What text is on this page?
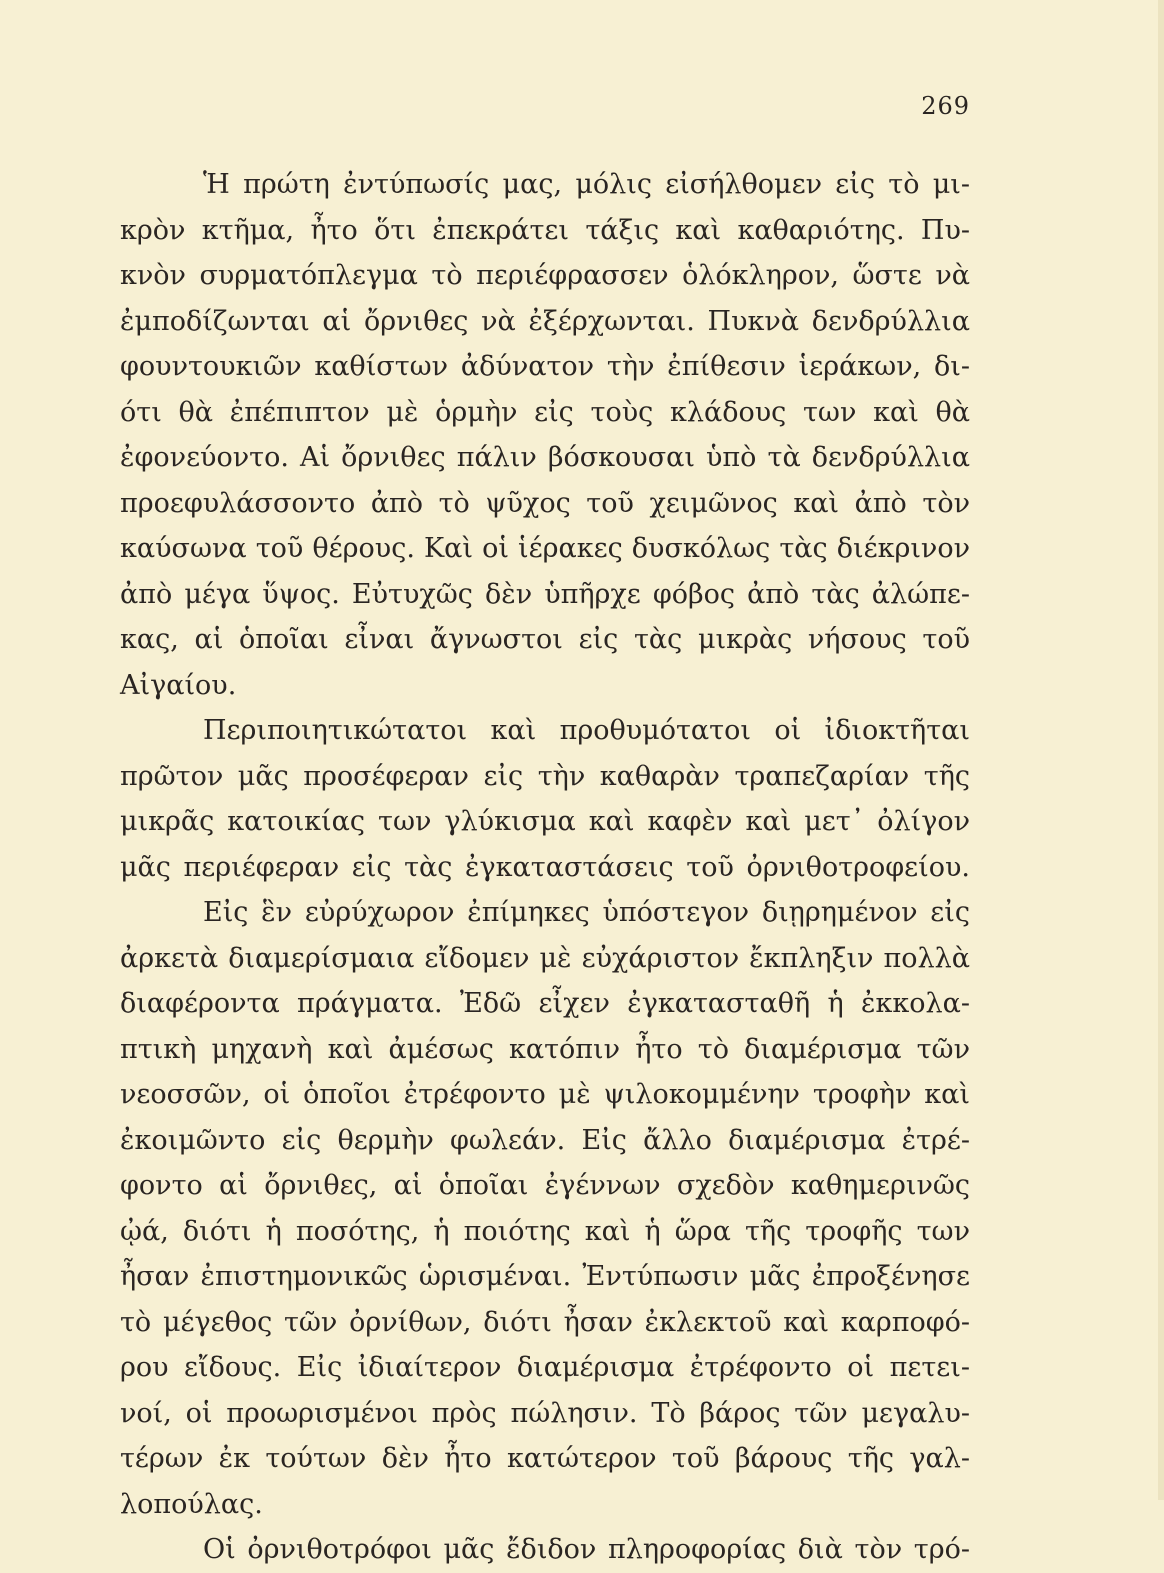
269
Ἡ πρώτη ἐντύπωσίς μας, μόλις εἰσήλθομεν εἰς τὸ μι-
κρὸν κτῆμα, ἦτο ὅτι ἐπεκράτει τάξις καὶ καθαριότης. Πυ-
κνὸν συρματόπλεγμα τὸ περιέφρασσεν ὁλόκληρον, ὥστε νὰ
ἐμποδίζωνται αἱ ὄρνιθες νὰ ἐξέρχωνται. Πυκνὰ δενδρύλλια
φουντουκιῶν καθίστων ἀδύνατον τὴν ἐπίθεσιν ἱεράκων, δι-
ότι θὰ ἐπέπιπτον μὲ ὁρμὴν εἰς τοὺς κλάδους των καὶ θὰ
ἐφονεύοντο. Αἱ ὄρνιθες πάλιν βόσκουσαι ὑπὸ τὰ δενδρύλλια
προεφυλάσσοντο ἀπὸ τὸ ψῦχος τοῦ χειμῶνος καὶ ἀπὸ τὸν
καύσωνα τοῦ θέρους. Καὶ οἱ ἱέρακες δυσκόλως τὰς διέκρινον
ἀπὸ μέγα ὕψος. Εὐτυχῶς δὲν ὑπῆρχε φόβος ἀπὸ τὰς ἀλώπε-
κας, αἱ ὁποῖαι εἶναι ἄγνωστοι εἰς τὰς μικρὰς νήσους τοῦ
Αἰγαίου.
Περιποιητικώτατοι καὶ προθυμότατοι οἱ ἰδιοκτῆται
πρῶτον μᾶς προσέφεραν εἰς τὴν καθαρὰν τραπεζαρίαν τῆς
μικρᾶς κατοικίας των γλύκισμα καὶ καφὲν καὶ μετ᾽ ὀλίγον
μᾶς περιέφεραν εἰς τὰς ἐγκαταστάσεις τοῦ ὀρνιθοτροφείου.
Εἰς ἓν εὐρύχωρον ἐπίμηκες ὑπόστεγον διῃρημένον εἰς
ἀρκετὰ διαμερίσμαια εἴδομεν μὲ εὐχάριστον ἔκπληξιν πολλὰ
διαφέροντα πράγματα. Ἐδῶ εἶχεν ἐγκατασταθῆ ἡ ἐκκολα-
πτικὴ μηχανὴ καὶ ἀμέσως κατόπιν ἦτο τὸ διαμέρισμα τῶν
νεοσσῶν, οἱ ὁποῖοι ἐτρέφοντο μὲ ψιλοκομμένην τροφὴν καὶ
ἐκοιμῶντο εἰς θερμὴν φωλεάν. Εἰς ἄλλο διαμέρισμα ἐτρέ-
φοντο αἱ ὄρνιθες, αἱ ὁποῖαι ἐγέννων σχεδὸν καθημερινῶς
ᾠά, διότι ἡ ποσότης, ἡ ποιότης καὶ ἡ ὥρα τῆς τροφῆς των
ἦσαν ἐπιστημονικῶς ὡρισμέναι. Ἐντύπωσιν μᾶς ἐπροξένησε
τὸ μέγεθος τῶν ὀρνίθων, διότι ἦσαν ἐκλεκτοῦ καὶ καρποφό-
ρου εἴδους. Εἰς ἰδιαίτερον διαμέρισμα ἐτρέφοντο οἱ πετει-
νοί, οἱ προωρισμένοι πρὸς πώλησιν. Τὸ βάρος τῶν μεγαλυ-
τέρων ἐκ τούτων δὲν ἦτο κατώτερον τοῦ βάρους τῆς γαλ-
λοπούλας.
Οἱ ὀρνιθοτρόφοι μᾶς ἔδιδον πληροφορίας διὰ τὸν τρό-
